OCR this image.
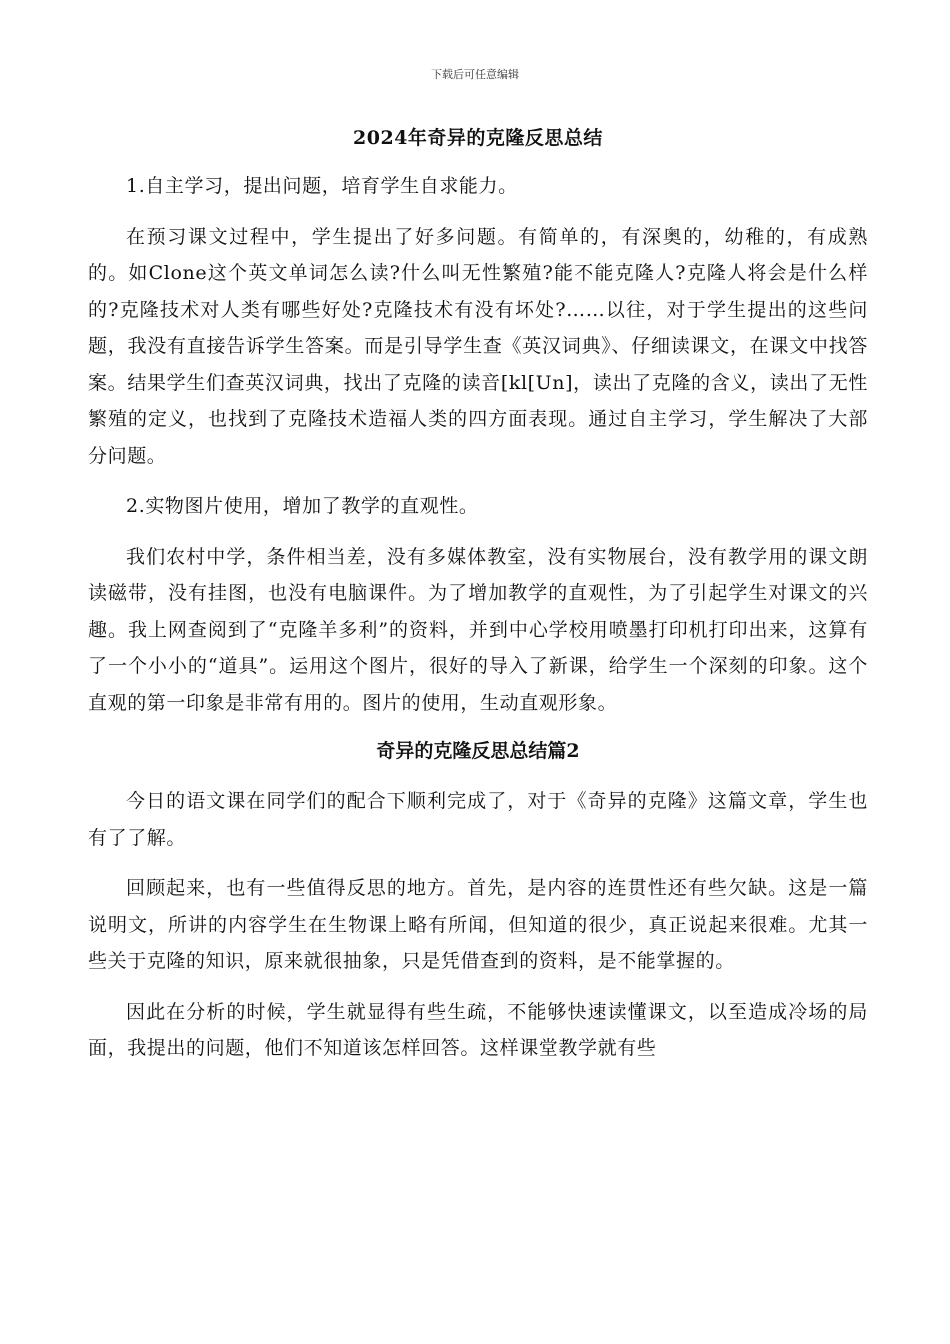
下载后可任意编辑
2024年奇异的克隆反思总结

1.自主学习，提出问题，培育学生自求能力。

在预习课文过程中，学生提出了好多问题。有简单的，有深奥的，幼稚的，有成熟的。如Clone这个英文单词怎么读?什么叫无性繁殖?能不能克隆人?克隆人将会是什么样的?克隆技术对人类有哪些好处?克隆技术有没有坏处?……以往，对于学生提出的这些问题，我没有直接告诉学生答案。而是引导学生查《英汉词典》、仔细读课文，在课文中找答案。结果学生们查英汉词典，找出了克隆的读音[kl[Un]，读出了克隆的含义，读出了无性繁殖的定义，也找到了克隆技术造福人类的四方面表现。通过自主学习，学生解决了大部分问题。

2.实物图片使用，增加了教学的直观性。

我们农村中学，条件相当差，没有多媒体教室，没有实物展台，没有教学用的课文朗读磁带，没有挂图，也没有电脑课件。为了增加教学的直观性，为了引起学生对课文的兴趣。我上网查阅到了“克隆羊多利”的资料，并到中心学校用喷墨打印机打印出来，这算有了一个小小的“道具”。运用这个图片，很好的导入了新课，给学生一个深刻的印象。这个直观的第一印象是非常有用的。图片的使用，生动直观形象。

奇异的克隆反思总结篇2

今日的语文课在同学们的配合下顺利完成了，对于《奇异的克隆》这篇文章，学生也有了了解。

回顾起来，也有一些值得反思的地方。首先，是内容的连贯性还有些欠缺。这是一篇说明文，所讲的内容学生在生物课上略有所闻，但知道的很少，真正说起来很难。尤其一些关于克隆的知识，原来就很抽象，只是凭借查到的资料，是不能掌握的。

因此在分析的时候，学生就显得有些生疏，不能够快速读懂课文，以至造成冷场的局面，我提出的问题，他们不知道该怎样回答。这样课堂教学就有些
